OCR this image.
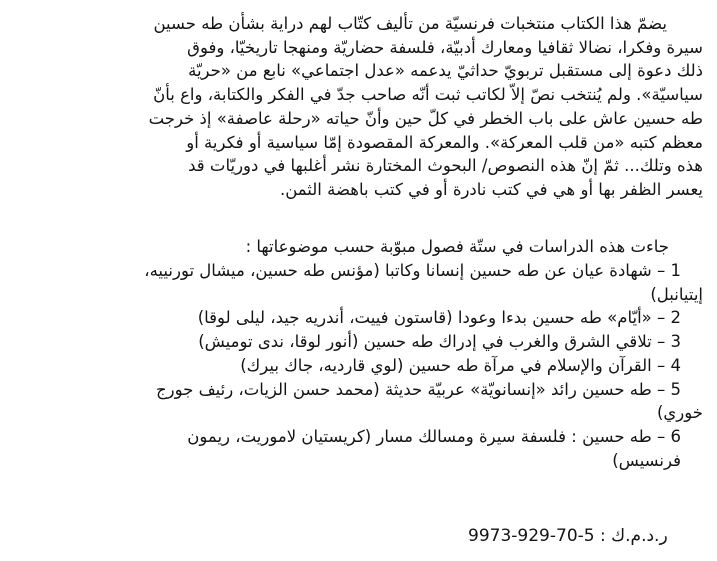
يضمّ هذا الكتاب منتخبات فرنسيّة من تأليف كتّاب لهم دراية بشأن طه حسين
سيرة وفكرا، نضالا ثقافيا ومعارك أدبيّة، فلسفة حضاريّة ومنهجا تاريخيّا، وفوق
ذلك دعوة إلى مستقبل تربويّ حداثيّ يدعمه «عدل اجتماعي» نابع من «حريّة
سياسيّة». ولم يُنتخب نصّ إلاّ لكاتب ثبت أنّه صاحب جدّ في الفكر والكتابة، واع بأنّ
طه حسين عاش على باب الخطر في كلّ حين وأنّ حياته «رحلة عاصفة» إذ خرجت
معظم كتبه «من قلب المعركة». والمعركة المقصودة إمّا سياسية أو فكرية أو
هذه وتلك... ثمّ إنّ هذه النصوص/ البحوث المختارة نشر أغلبها في دوريّات قد
يعسر الظفر بها أو هي في كتب نادرة أو في كتب باهضة الثمن.
جاءت هذه الدراسات في ستّة فصول مبوّبة حسب موضوعاتها :
1 – شهادة عيان عن طه حسين إنسانا وكاتبا (مؤنس طه حسين، ميشال تورنييه،
إيتيانبل)
2 – «أيّام» طه حسين بدءا وعودا (قاستون فييت، أندريه جيد، ليلى لوقا)
3 – تلاقي الشرق والغرب في إدراك طه حسين (أنور لوقا، ندى توميش)
4 – القرآن والإسلام في مرآة طه حسين (لوي قارديه، جاك بيرك)
5 – طه حسين رائد «إنسانويّة» عربيّة حديثة (محمد حسن الزيات، رئيف جورج
خوري)
6 – طه حسين : فلسفة سيرة ومسالك مسار (كريستيان لاموريت، ريمون
فرنسيس)
ر.د.م.ك : 5-70-929-9973
